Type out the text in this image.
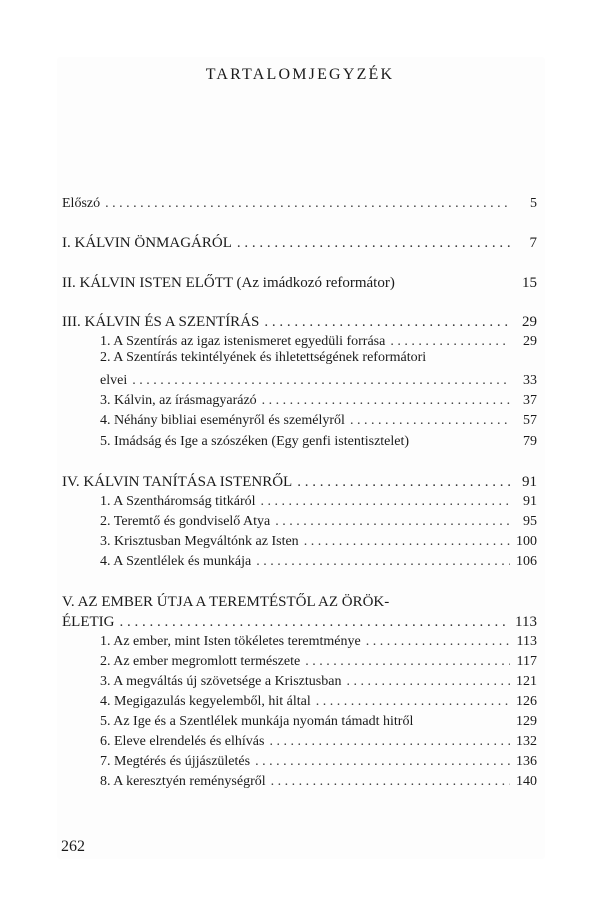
TARTALOMJEGYZÉK
Előszó . . .	5
I. KÁLVIN ÖNMAGÁRÓL . . .	7
II. KÁLVIN ISTEN ELŐTT (Az imádkozó reformátor)	15
III. KÁLVIN ÉS A SZENTÍRÁS . . .	29
1. A Szentírás az igaz istenismeret egyedüli forrása . . .	29
2. A Szentírás tekintélyének és ihletettségének reformátori
elvei . . .	33
3. Kálvin, az írásmagyarázó . . .	37
4. Néhány bibliai eseményről és személyről . . .	57
5. Imádság és Ige a szószéken (Egy genfi istentisztelet)	79
IV. KÁLVIN TANÍTÁSA ISTENRŐL . . .	91
1. A Szentháromság titkáról . . .	91
2. Teremtő és gondviselő Atya . . .	95
3. Krisztusban Megváltónk az Isten . . .	100
4. A Szentlélek és munkája . . .	106
V. AZ EMBER ÚTJA A TEREMTÉSTŐL AZ ÖRÖK-
ÉLETIG . . .	113
1. Az ember, mint Isten tökéletes teremtménye . . .	113
2. Az ember megromlott természete . . .	117
3. A megváltás új szövetsége a Krisztusban . . .	121
4. Megigazulás kegyelemből, hit által . . .	126
5. Az Ige és a Szentlélek munkája nyomán támadt hitről	129
6. Eleve elrendelés és elhívás . . .	132
7. Megtérés és újjászületés . . .	136
8. A keresztyén reménységről . . .	140
262
